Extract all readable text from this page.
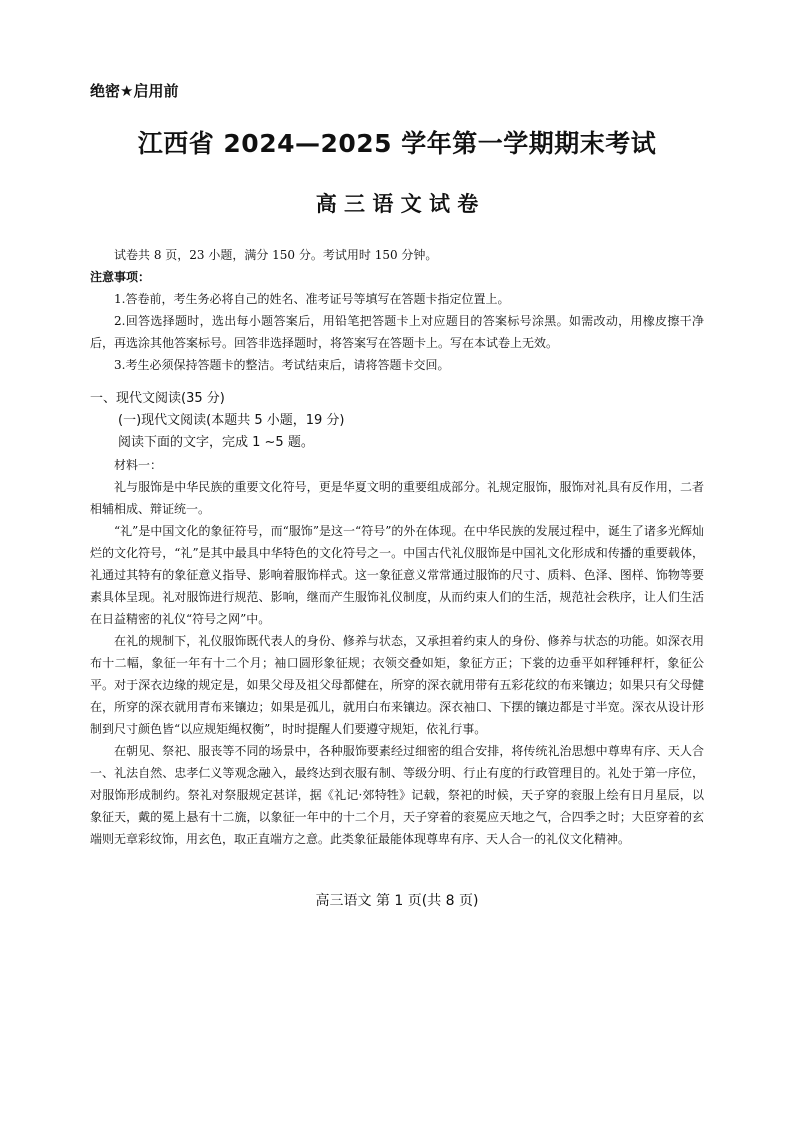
绝密★启用前
江西省 2024—2025 学年第一学期期末考试
高 三 语 文 试 卷

试卷共 8 页，23 小题，满分 150 分。考试用时 150 分钟。

注意事项：

1.答卷前，考生务必将自己的姓名、准考证号等填写在答题卡指定位置上。

2.回答选择题时，选出每小题答案后，用铅笔把答题卡上对应题目的答案标号涂黑。如需改动，用橡皮擦干净后，再选涂其他答案标号。回答非选择题时，将答案写在答题卡上。写在本试卷上无效。

3.考生必须保持答题卡的整洁。考试结束后，请将答题卡交回。

一、现代文阅读(35 分)

(一)现代文阅读(本题共 5 小题，19 分)

阅读下面的文字，完成 1 ~5 题。

材料一：

礼与服饰是中华民族的重要文化符号，更是华夏文明的重要组成部分。礼规定服饰，服饰对礼具有反作用，二者相辅相成、辩证统一。

“礼”是中国文化的象征符号，而“服饰”是这一“符号”的外在体现。在中华民族的发展过程中，诞生了诸多光辉灿烂的文化符号，“礼”是其中最具中华特色的文化符号之一。中国古代礼仪服饰是中国礼文化形成和传播的重要载体，礼通过其特有的象征意义指导、影响着服饰样式。这一象征意义常常通过服饰的尺寸、质料、色泽、图样、饰物等要素具体呈现。礼对服饰进行规范、影响，继而产生服饰礼仪制度，从而约束人们的生活，规范社会秩序，让人们生活在日益精密的礼仪“符号之网”中。

在礼的规制下，礼仪服饰既代表人的身份、修养与状态，又承担着约束人的身份、修养与状态的功能。如深衣用布十二幅，象征一年有十二个月；袖口圆形象征规；衣领交叠如矩，象征方正；下裳的边垂平如秤锤秤杆，象征公平。对于深衣边缘的规定是，如果父母及祖父母都健在，所穿的深衣就用带有五彩花纹的布来镶边；如果只有父母健在，所穿的深衣就用青布来镶边；如果是孤儿，就用白布来镶边。深衣袖口、下摆的镶边都是寸半宽。深衣从设计形制到尺寸颜色皆“以应规矩绳权衡”，时时提醒人们要遵守规矩，依礼行事。

在朝见、祭祀、服丧等不同的场景中，各种服饰要素经过细密的组合安排，将传统礼治思想中尊卑有序、天人合一、礼法自然、忠孝仁义等观念融入，最终达到衣服有制、等级分明、行止有度的行政管理目的。礼处于第一序位，对服饰形成制约。祭礼对祭服规定甚详，据《礼记·郊特牲》记载，祭祀的时候，天子穿的衮服上绘有日月星辰，以象征天，戴的冕上悬有十二旒，以象征一年中的十二个月，天子穿着的衮冕应天地之气，合四季之时；大臣穿着的玄端则无章彩纹饰，用玄色，取正直端方之意。此类象征最能体现尊卑有序、天人合一的礼仪文化精神。

高三语文 第 1 页(共 8 页)
